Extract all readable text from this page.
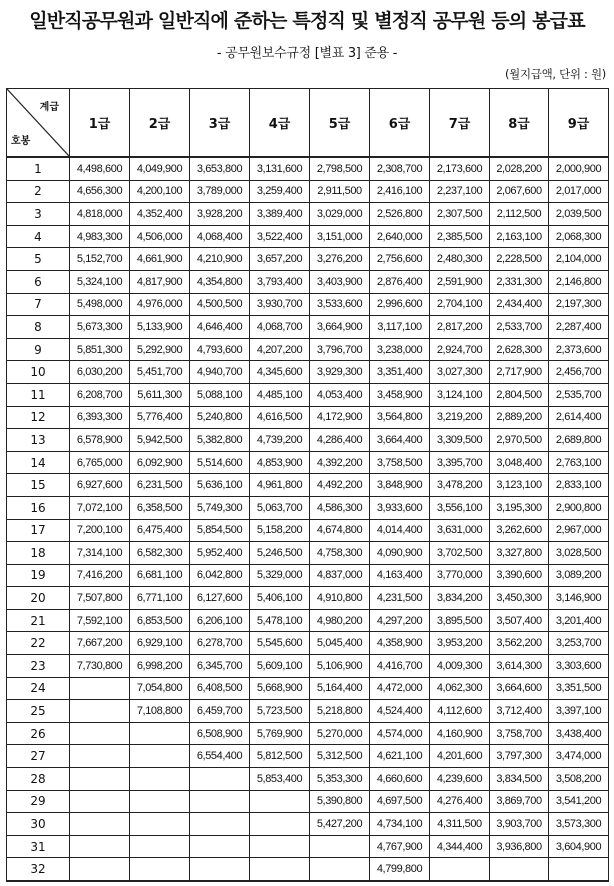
일반직공무원과 일반직에 준하는 특정직 및 별정직 공무원 등의 봉급표
- 공무원보수규정 [별표 3] 준용 -
(월지급액, 단위 : 원)
계급
호봉	1급	2급	3급	4급	5급	6급	7급	8급	9급
1	4,498,600	4,049,900	3,653,800	3,131,600	2,798,500	2,308,700	2,173,600	2,028,200	2,000,900
2	4,656,300	4,200,100	3,789,000	3,259,400	2,911,500	2,416,100	2,237,100	2,067,600	2,017,000
3	4,818,000	4,352,400	3,928,200	3,389,400	3,029,000	2,526,800	2,307,500	2,112,500	2,039,500
4	4,983,300	4,506,000	4,068,400	3,522,400	3,151,000	2,640,000	2,385,500	2,163,100	2,068,300
5	5,152,700	4,661,900	4,210,900	3,657,200	3,276,200	2,756,600	2,480,300	2,228,500	2,104,000
6	5,324,100	4,817,900	4,354,800	3,793,400	3,403,900	2,876,400	2,591,900	2,331,300	2,146,800
7	5,498,000	4,976,000	4,500,500	3,930,700	3,533,600	2,996,600	2,704,100	2,434,400	2,197,300
8	5,673,300	5,133,900	4,646,400	4,068,700	3,664,900	3,117,100	2,817,200	2,533,700	2,287,400
9	5,851,300	5,292,900	4,793,600	4,207,200	3,796,700	3,238,000	2,924,700	2,628,300	2,373,600
10	6,030,200	5,451,700	4,940,700	4,345,600	3,929,300	3,351,400	3,027,300	2,717,900	2,456,700
11	6,208,700	5,611,300	5,088,100	4,485,100	4,053,400	3,458,900	3,124,100	2,804,500	2,535,700
12	6,393,300	5,776,400	5,240,800	4,616,500	4,172,900	3,564,800	3,219,200	2,889,200	2,614,400
13	6,578,900	5,942,500	5,382,800	4,739,200	4,286,400	3,664,400	3,309,500	2,970,500	2,689,800
14	6,765,000	6,092,900	5,514,600	4,853,900	4,392,200	3,758,500	3,395,700	3,048,400	2,763,100
15	6,927,600	6,231,500	5,636,100	4,961,800	4,492,200	3,848,900	3,478,200	3,123,100	2,833,100
16	7,072,100	6,358,500	5,749,300	5,063,700	4,586,300	3,933,600	3,556,100	3,195,300	2,900,800
17	7,200,100	6,475,400	5,854,500	5,158,200	4,674,800	4,014,400	3,631,000	3,262,600	2,967,000
18	7,314,100	6,582,300	5,952,400	5,246,500	4,758,300	4,090,900	3,702,500	3,327,800	3,028,500
19	7,416,200	6,681,100	6,042,800	5,329,000	4,837,000	4,163,400	3,770,000	3,390,600	3,089,200
20	7,507,800	6,771,100	6,127,600	5,406,100	4,910,800	4,231,500	3,834,200	3,450,300	3,146,900
21	7,592,100	6,853,500	6,206,100	5,478,100	4,980,200	4,297,200	3,895,500	3,507,400	3,201,400
22	7,667,200	6,929,100	6,278,700	5,545,600	5,045,400	4,358,900	3,953,200	3,562,200	3,253,700
23	7,730,800	6,998,200	6,345,700	5,609,100	5,106,900	4,416,700	4,009,300	3,614,300	3,303,600
24		7,054,800	6,408,500	5,668,900	5,164,400	4,472,000	4,062,300	3,664,600	3,351,500
25		7,108,800	6,459,700	5,723,500	5,218,800	4,524,400	4,112,600	3,712,400	3,397,100
26			6,508,900	5,769,900	5,270,000	4,574,000	4,160,900	3,758,700	3,438,400
27			6,554,400	5,812,500	5,312,500	4,621,100	4,201,600	3,797,300	3,474,000
28				5,853,400	5,353,300	4,660,600	4,239,600	3,834,500	3,508,200
29					5,390,800	4,697,500	4,276,400	3,869,700	3,541,200
30					5,427,200	4,734,100	4,311,500	3,903,700	3,573,300
31						4,767,900	4,344,400	3,936,800	3,604,900
32						4,799,800			
